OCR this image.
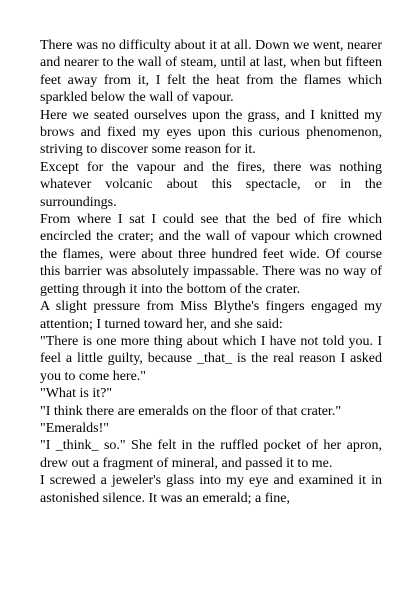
There was no difficulty about it at all. Down we went, nearer and nearer to the wall of steam, until at last, when but fifteen feet away from it, I felt the heat from the flames which sparkled below the wall of vapour.

Here we seated ourselves upon the grass, and I knitted my brows and fixed my eyes upon this curious phenomenon, striving to discover some reason for it.

Except for the vapour and the fires, there was nothing whatever volcanic about this spectacle, or in the surroundings.

From where I sat I could see that the bed of fire which encircled the crater; and the wall of vapour which crowned the flames, were about three hundred feet wide. Of course this barrier was absolutely impassable. There was no way of getting through it into the bottom of the crater.

A slight pressure from Miss Blythe's fingers engaged my attention; I turned toward her, and she said:

"There is one more thing about which I have not told you. I feel a little guilty, because _that_ is the real reason I asked you to come here."

"What is it?"

"I think there are emeralds on the floor of that crater."

"Emeralds!"

"I _think_ so." She felt in the ruffled pocket of her apron, drew out a fragment of mineral, and passed it to me.

I screwed a jeweler's glass into my eye and examined it in astonished silence. It was an emerald; a fine,
